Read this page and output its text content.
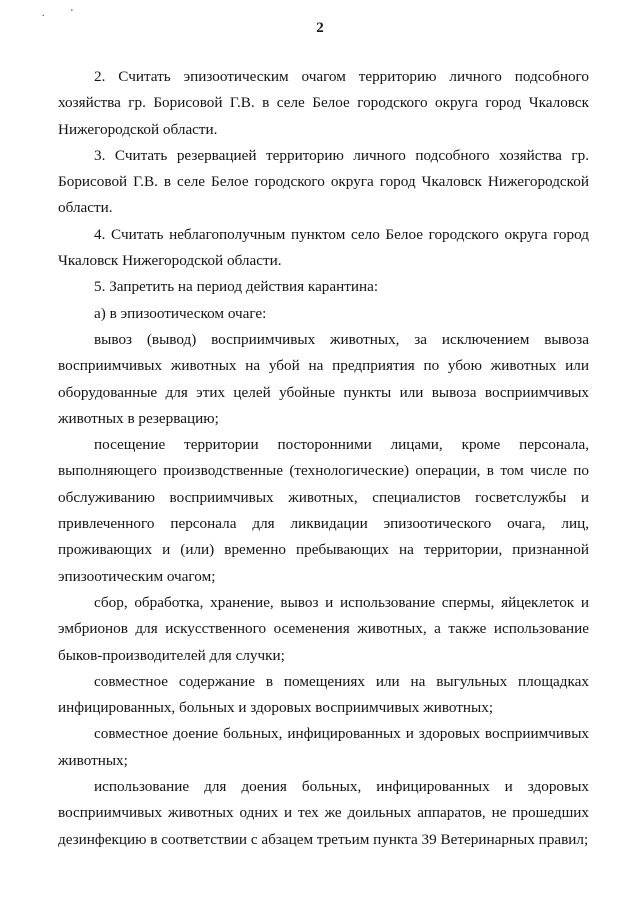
. '
2

2. Считать эпизоотическим очагом территорию личного подсобного хозяйства гр. Борисовой Г.В. в селе Белое городского округа город Чкаловск Нижегородской области.

3. Считать резервацией территорию личного подсобного хозяйства гр. Борисовой Г.В. в селе Белое городского округа город Чкаловск Нижегородской области.

4. Считать неблагополучным пунктом село Белое городского округа город Чкаловск Нижегородской области.

5. Запретить на период действия карантина:

а) в эпизоотическом очаге:

вывоз (вывод) восприимчивых животных, за исключением вывоза восприимчивых животных на убой на предприятия по убою животных или оборудованные для этих целей убойные пункты или вывоза восприимчивых животных в резервацию;

посещение территории посторонними лицами, кроме персонала, выполняющего производственные (технологические) операции, в том числе по обслуживанию восприимчивых животных, специалистов госветслужбы и привлеченного персонала для ликвидации эпизоотического очага, лиц, проживающих и (или) временно пребывающих на территории, признанной эпизоотическим очагом;

сбор, обработка, хранение, вывоз и использование спермы, яйцеклеток и эмбрионов для искусственного осеменения животных, а также использование быков-производителей для случки;

совместное содержание в помещениях или на выгульных площадках инфицированных, больных и здоровых восприимчивых животных;

совместное доение больных, инфицированных и здоровых восприимчивых животных;

использование для доения больных, инфицированных и здоровых восприимчивых животных одних и тех же доильных аппаратов, не прошедших дезинфекцию в соответствии с абзацем третьим пункта 39 Ветеринарных правил;
